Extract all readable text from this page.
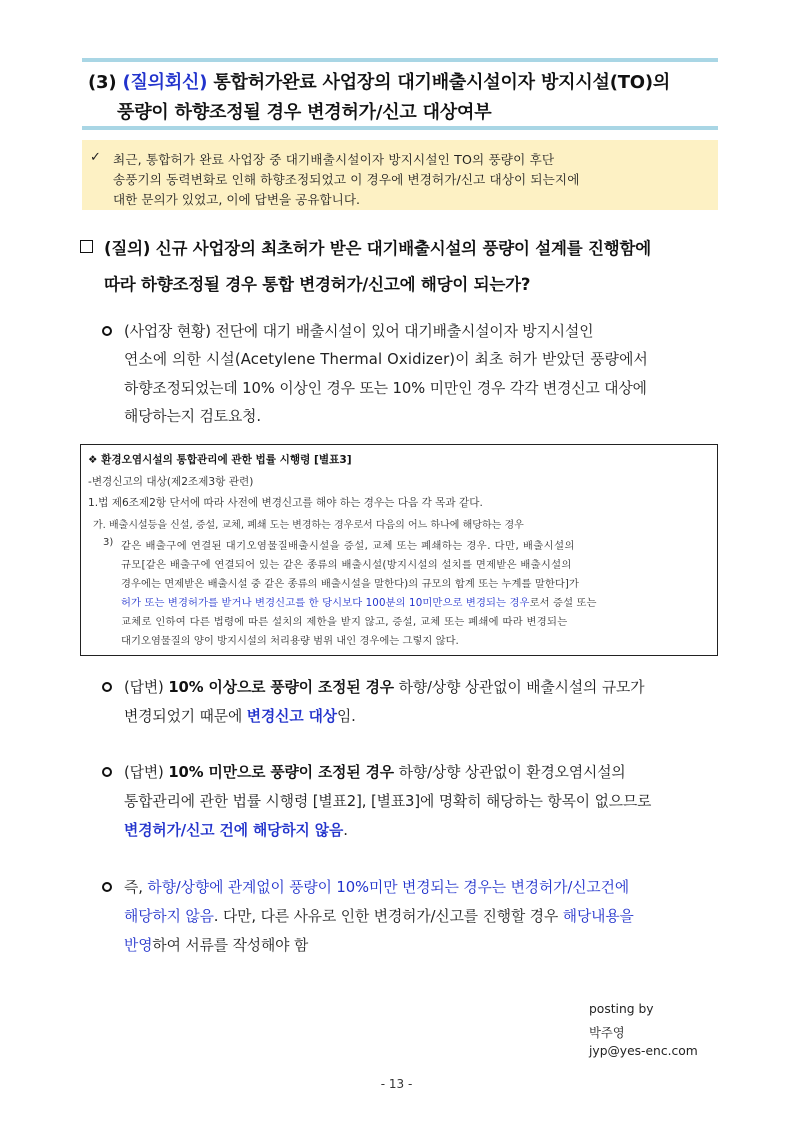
(3) (질의회신) 통합허가완료 사업장의 대기배출시설이자 방지시설(TO)의
풍량이 하향조정될 경우 변경허가/신고 대상여부
✓ 최근, 통합허가 완료 사업장 중 대기배출시설이자 방지시설인 TO의 풍량이 후단
송풍기의 동력변화로 인해 하향조정되었고 이 경우에 변경허가/신고 대상이 되는지에
대한 문의가 있었고, 이에 답변을 공유합니다.
(질의) 신규 사업장의 최초허가 받은 대기배출시설의 풍량이 설계를 진행함에
따라 하향조정될 경우 통합 변경허가/신고에 해당이 되는가?
(사업장 현황) 전단에 대기 배출시설이 있어 대기배출시설이자 방지시설인
연소에 의한 시설(Acetylene Thermal Oxidizer)이 최초 허가 받았던 풍량에서
하향조정되었는데 10% 이상인 경우 또는 10% 미만인 경우 각각 변경신고 대상에
해당하는지 검토요청.
❖ 환경오염시설의 통합관리에 관한 법률 시행령 [별표3]
-변경신고의 대상(제2조제3항 관련)
1.법 제6조제2항 단서에 따라 사전에 변경신고를 해야 하는 경우는 다음 각 목과 같다.
가. 배출시설등을 신설, 증설, 교체, 폐쇄 도는 변경하는 경우로서 다음의 어느 하나에 해당하는 경우
3) 같은 배출구에 연결된 대기오염물질배출시설을 증설, 교체 또는 폐쇄하는 경우. 다만, 배출시설의
규모[같은 배출구에 연결되어 있는 같은 종류의 배출시설(방지시설의 설치를 면제받은 배출시설의
경우에는 면제받은 배출시설 중 같은 종류의 배출시설을 말한다)의 규모의 합계 또는 누계를 말한다]가
허가 또는 변경허가를 받거나 변경신고를 한 당시보다 100분의 10미만으로 변경되는 경우로서 증설 또는
교체로 인하여 다른 법령에 따른 설치의 제한을 받지 않고, 증설, 교체 또는 폐쇄에 따라 변경되는
대기오염물질의 양이 방지시설의 처리용량 범위 내인 경우에는 그렇지 않다.
(답변) 10% 이상으로 풍량이 조정된 경우 하향/상향 상관없이 배출시설의 규모가
변경되었기 때문에 변경신고 대상임.
(답변) 10% 미만으로 풍량이 조정된 경우 하향/상향 상관없이 환경오염시설의
통합관리에 관한 법률 시행령 [별표2], [별표3]에 명확히 해당하는 항목이 없으므로
변경허가/신고 건에 해당하지 않음.
즉, 하향/상향에 관계없이 풍량이 10%미만 변경되는 경우는 변경허가/신고건에
해당하지 않음. 다만, 다른 사유로 인한 변경허가/신고를 진행할 경우 해당내용을
반영하여 서류를 작성해야 함
posting by
박주영
jyp@yes-enc.com
- 13 -
